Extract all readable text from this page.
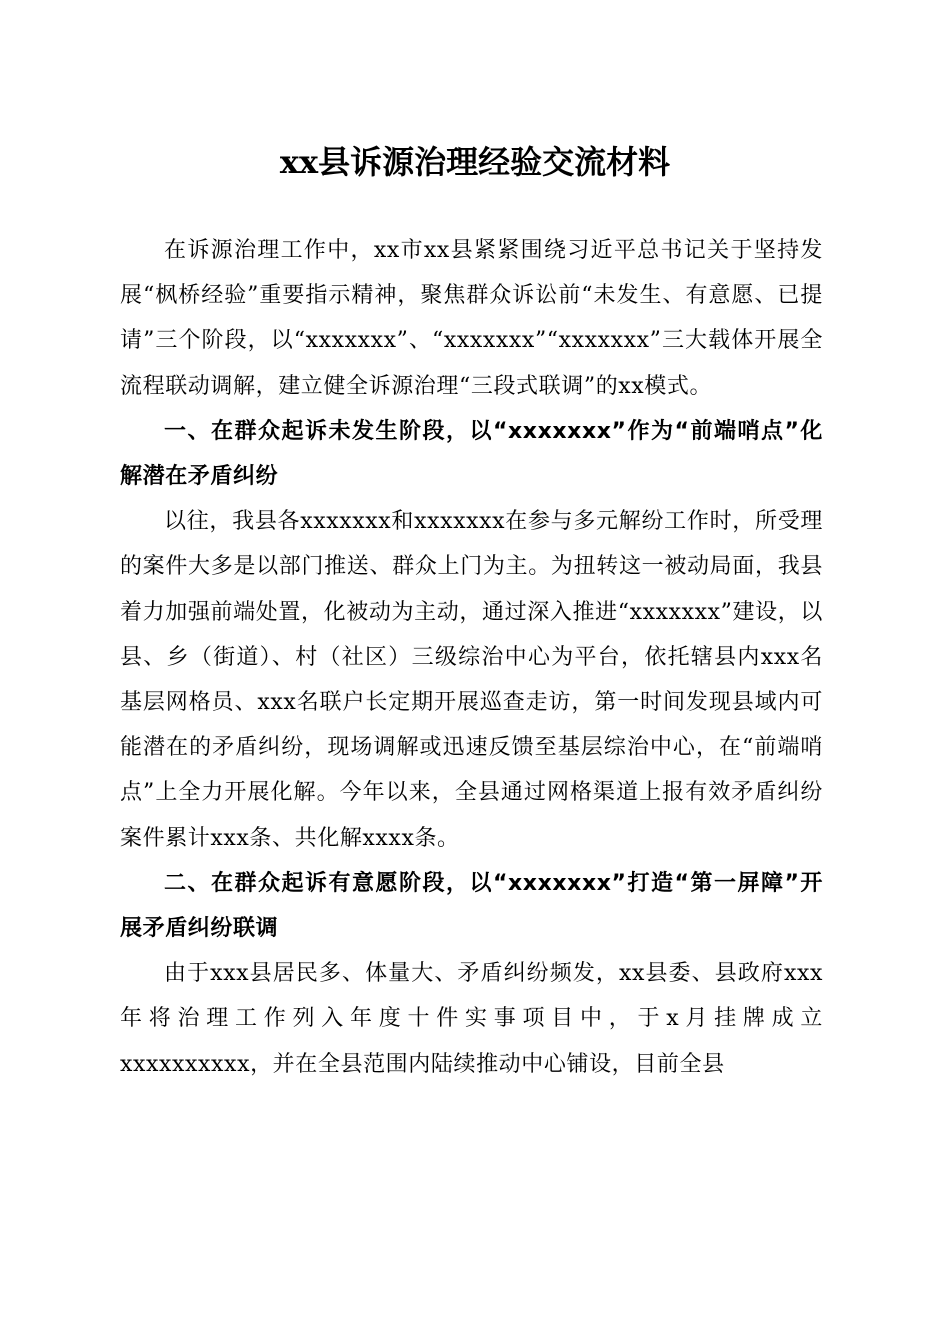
xx县诉源治理经验交流材料

在诉源治理工作中，xx市xx县紧紧围绕习近平总书记关于坚持发展“枫桥经验”重要指示精神，聚焦群众诉讼前“未发生、有意愿、已提请”三个阶段，以“xxxxxxx”、“xxxxxxx”“xxxxxxx”三大载体开展全流程联动调解，建立健全诉源治理“三段式联调”的xx模式。

一、在群众起诉未发生阶段，以“xxxxxxx”作为“前端哨点”化解潜在矛盾纠纷

以往，我县各xxxxxxx和xxxxxxx在参与多元解纷工作时，所受理的案件大多是以部门推送、群众上门为主。为扭转这一被动局面，我县着力加强前端处置，化被动为主动，通过深入推进“xxxxxxx”建设，以县、乡（街道）、村（社区）三级综治中心为平台，依托辖县内xxx名基层网格员、xxx名联户长定期开展巡查走访，第一时间发现县域内可能潜在的矛盾纠纷，现场调解或迅速反馈至基层综治中心，在“前端哨点”上全力开展化解。今年以来，全县通过网格渠道上报有效矛盾纠纷案件累计xxx条、共化解xxxx条。

二、在群众起诉有意愿阶段，以“xxxxxxx”打造“第一屏障”开展矛盾纠纷联调

由于xxx县居民多、体量大、矛盾纠纷频发，xx县委、县政府xxx年将治理工作列入年度十件实事项目中，于x月挂牌成立xxxxxxxxxx，并在全县范围内陆续推动中心铺设，目前全县
